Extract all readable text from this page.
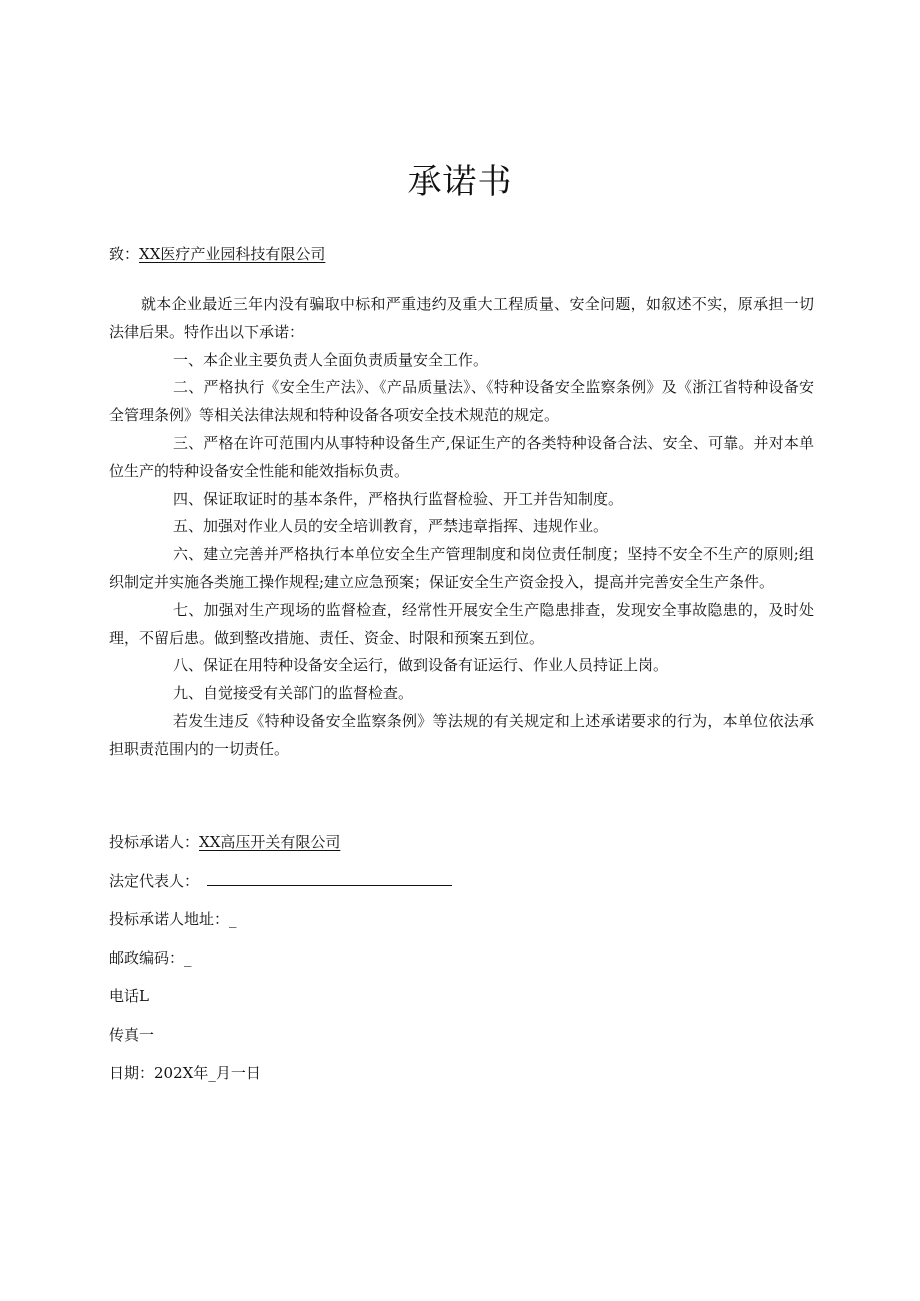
承诺书
致：XX医疗产业园科技有限公司

就本企业最近三年内没有骗取中标和严重违约及重大工程质量、安全问题，如叙述不实，原承担一切法律后果。特作出以下承诺：

一、本企业主要负责人全面负责质量安全工作。

二、严格执行《安全生产法》、《产品质量法》、《特种设备安全监察条例》及《浙江省特种设备安全管理条例》等相关法律法规和特种设备各项安全技术规范的规定。

三、严格在许可范围内从事特种设备生产,保证生产的各类特种设备合法、安全、可靠。并对本单位生产的特种设备安全性能和能效指标负责。

四、保证取证时的基本条件，严格执行监督检验、开工并告知制度。

五、加强对作业人员的安全培训教育，严禁违章指挥、违规作业。

六、建立完善并严格执行本单位安全生产管理制度和岗位责任制度；坚持不安全不生产的原则;组织制定并实施各类施工操作规程;建立应急预案；保证安全生产资金投入，提高并完善安全生产条件。

七、加强对生产现场的监督检查，经常性开展安全生产隐患排查，发现安全事故隐患的，及时处理，不留后患。做到整改措施、责任、资金、时限和预案五到位。

八、保证在用特种设备安全运行，做到设备有证运行、作业人员持证上岗。

九、自觉接受有关部门的监督检查。

若发生违反《特种设备安全监察条例》等法规的有关规定和上述承诺要求的行为，本单位依法承担职责范围内的一切责任。

投标承诺人：XX高压开关有限公司
法定代表人：
投标承诺人地址：_
邮政编码：_
电话L
传真一
日期：202X年_月一日
